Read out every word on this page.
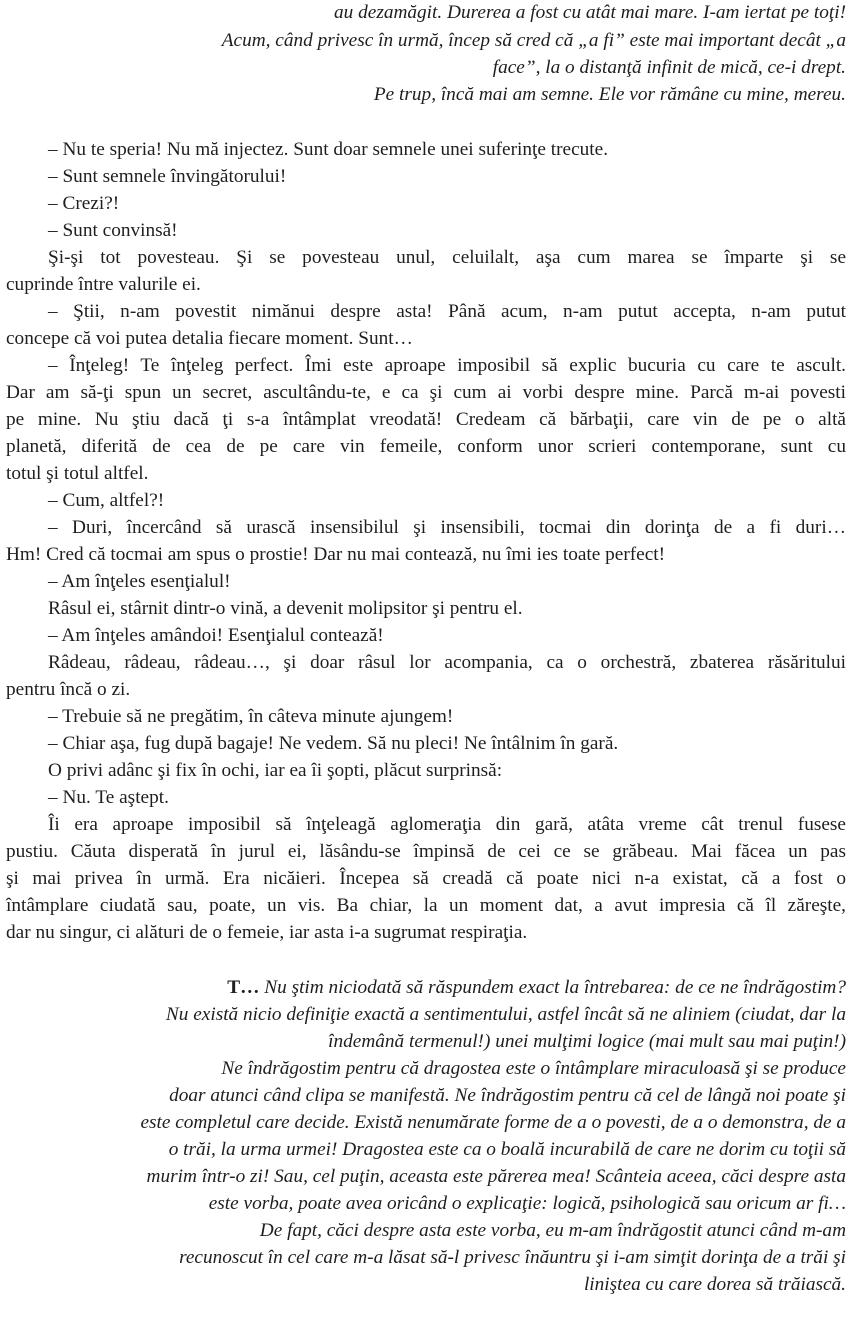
au dezamăgit. Durerea a fost cu atât mai mare. I-am iertat pe toţi!
Acum, când privesc în urmă, încep să cred că „a fi” este mai important decât „a
face”, la o distanţă infinit de mică, ce-i drept.
Pe trup, încă mai am semne. Ele vor rămâne cu mine, mereu.
– Nu te speria! Nu mă injectez. Sunt doar semnele unei suferinţe trecute.
– Sunt semnele învingătorului!
– Crezi?!
– Sunt convinsă!
Şi-şi tot povesteau. Şi se povesteau unul, celuilalt, aşa cum marea se împarte şi se
cuprinde între valurile ei.
– Ştii, n-am povestit nimănui despre asta! Până acum, n-am putut accepta, n-am putut
concepe că voi putea detalia fiecare moment. Sunt…
– Înţeleg! Te înţeleg perfect. Îmi este aproape imposibil să explic bucuria cu care te ascult.
Dar am să-ţi spun un secret, ascultându-te, e ca şi cum ai vorbi despre mine. Parcă m-ai povesti
pe mine. Nu ştiu dacă ţi s-a întâmplat vreodată! Credeam că bărbaţii, care vin de pe o altă
planetă, diferită de cea de pe care vin femeile, conform unor scrieri contemporane, sunt cu
totul şi totul altfel.
– Cum, altfel?!
– Duri, încercând să urască insensibilul şi insensibili, tocmai din dorinţa de a fi duri…
Hm! Cred că tocmai am spus o prostie! Dar nu mai contează, nu îmi ies toate perfect!
– Am înţeles esenţialul!
Râsul ei, stârnit dintr-o vină, a devenit molipsitor şi pentru el.
– Am înţeles amândoi! Esenţialul contează!
Râdeau, râdeau, râdeau…, şi doar râsul lor acompania, ca o orchestră, zbaterea răsăritului
pentru încă o zi.
– Trebuie să ne pregătim, în câteva minute ajungem!
– Chiar aşa, fug după bagaje! Ne vedem. Să nu pleci! Ne întâlnim în gară.
O privi adânc şi fix în ochi, iar ea îi şopti, plăcut surprinsă:
– Nu. Te aştept.
Îi era aproape imposibil să înţeleagă aglomeraţia din gară, atâta vreme cât trenul fusese
pustiu. Căuta disperată în jurul ei, lăsându-se împinsă de cei ce se grăbeau. Mai făcea un pas
şi mai privea în urmă. Era nicăieri. Începea să creadă că poate nici n-a existat, că a fost o
întâmplare ciudată sau, poate, un vis. Ba chiar, la un moment dat, a avut impresia că îl zăreşte,
dar nu singur, ci alături de o femeie, iar asta i-a sugrumat respiraţia.
T… Nu ştim niciodată să răspundem exact la întrebarea: de ce ne îndrăgostim?
Nu există nicio definiţie exactă a sentimentului, astfel încât să ne aliniem (ciudat, dar la
îndemână termenul!) unei mulţimi logice (mai mult sau mai puţin!)
Ne îndrăgostim pentru că dragostea este o întâmplare miraculoasă şi se produce
doar atunci când clipa se manifestă. Ne îndrăgostim pentru că cel de lângă noi poate şi
este completul care decide. Există nenumărate forme de a o povesti, de a o demonstra, de a
o trăi, la urma urmei! Dragostea este ca o boală incurabilă de care ne dorim cu toţii să
murim într-o zi! Sau, cel puţin, aceasta este părerea mea! Scânteia aceea, căci despre asta
este vorba, poate avea oricând o explicaţie: logică, psihologică sau oricum ar fi…
De fapt, căci despre asta este vorba, eu m-am îndrăgostit atunci când m-am
recunoscut în cel care m-a lăsat să-l privesc înăuntru şi i-am simţit dorinţa de a trăi şi
liniştea cu care dorea să trăiască.
